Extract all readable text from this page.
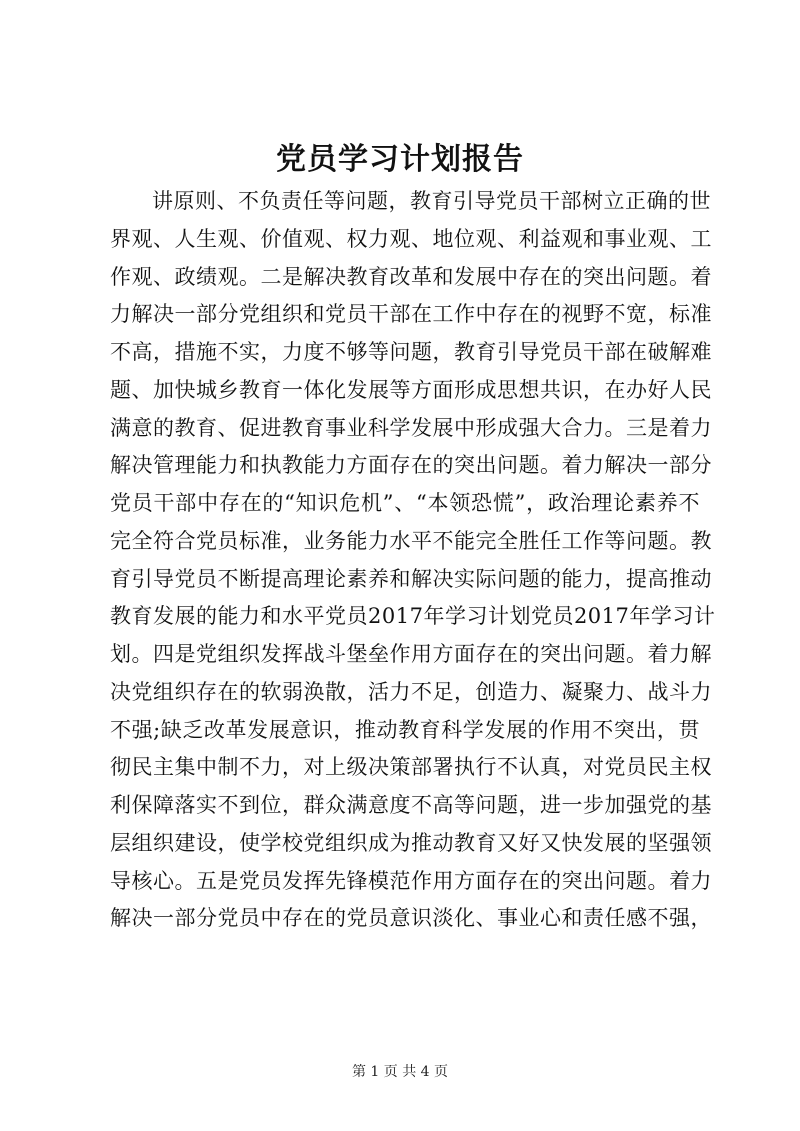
党员学习计划报告
讲原则、不负责任等问题，教育引导党员干部树立正确的世
界观、人生观、价值观、权力观、地位观、利益观和事业观、工
作观、政绩观。二是解决教育改革和发展中存在的突出问题。着
力解决一部分党组织和党员干部在工作中存在的视野不宽，标准
不高，措施不实，力度不够等问题，教育引导党员干部在破解难
题、加快城乡教育一体化发展等方面形成思想共识，在办好人民
满意的教育、促进教育事业科学发展中形成强大合力。三是着力
解决管理能力和执教能力方面存在的突出问题。着力解决一部分
党员干部中存在的“知识危机”、“本领恐慌”，政治理论素养不
完全符合党员标准，业务能力水平不能完全胜任工作等问题。教
育引导党员不断提高理论素养和解决实际问题的能力，提高推动
教育发展的能力和水平党员2017年学习计划党员2017年学习计
划。四是党组织发挥战斗堡垒作用方面存在的突出问题。着力解
决党组织存在的软弱涣散，活力不足，创造力、凝聚力、战斗力
不强;缺乏改革发展意识，推动教育科学发展的作用不突出，贯
彻民主集中制不力，对上级决策部署执行不认真，对党员民主权
利保障落实不到位，群众满意度不高等问题，进一步加强党的基
层组织建设，使学校党组织成为推动教育又好又快发展的坚强领
导核心。五是党员发挥先锋模范作用方面存在的突出问题。着力
解决一部分党员中存在的党员意识淡化、事业心和责任感不强，
第 1 页 共 4 页
